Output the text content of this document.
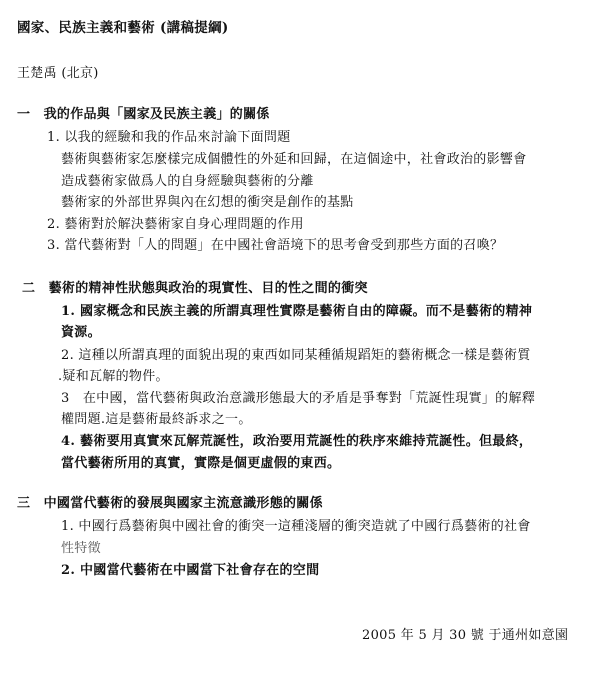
國家、民族主義和藝術 (講稿提綱)
王楚禹 (北京)
一　我的作品與「國家及民族主義」的關係
1. 以我的經驗和我的作品來討論下面問題
藝術與藝術家怎麼樣完成個體性的外延和回歸，在這個途中，社會政治的影響會
造成藝術家做爲人的自身經驗與藝術的分離
藝術家的外部世界與內在幻想的衝突是創作的基點
2. 藝術對於解決藝術家自身心理問題的作用
3. 當代藝術對「人的問題」在中國社會語境下的思考會受到那些方面的召喚？
二　藝術的精神性狀態與政治的現實性、目的性之間的衝突
1. 國家概念和民族主義的所謂真理性實際是藝術自由的障礙。而不是藝術的精神
資源。
2. 這種以所謂真理的面貌出現的東西如同某種循規蹈矩的藝術概念一樣是藝術質
.疑和瓦解的物件。
3　在中國，當代藝術與政治意識形態最大的矛盾是爭奪對「荒誕性現實」的解釋
權問題.這是藝術最終訴求之一。
4. 藝術要用真實來瓦解荒誕性，政治要用荒誕性的秩序來維持荒誕性。但最終，
當代藝術所用的真實，實際是個更虛假的東西。
三　中國當代藝術的發展與國家主流意識形態的關係
1. 中國行爲藝術與中國社會的衝突一這種淺層的衝突造就了中國行爲藝術的社會
性特徵
2. 中國當代藝術在中國當下社會存在的空間
2005 年 5 月 30 號 于通州如意園
